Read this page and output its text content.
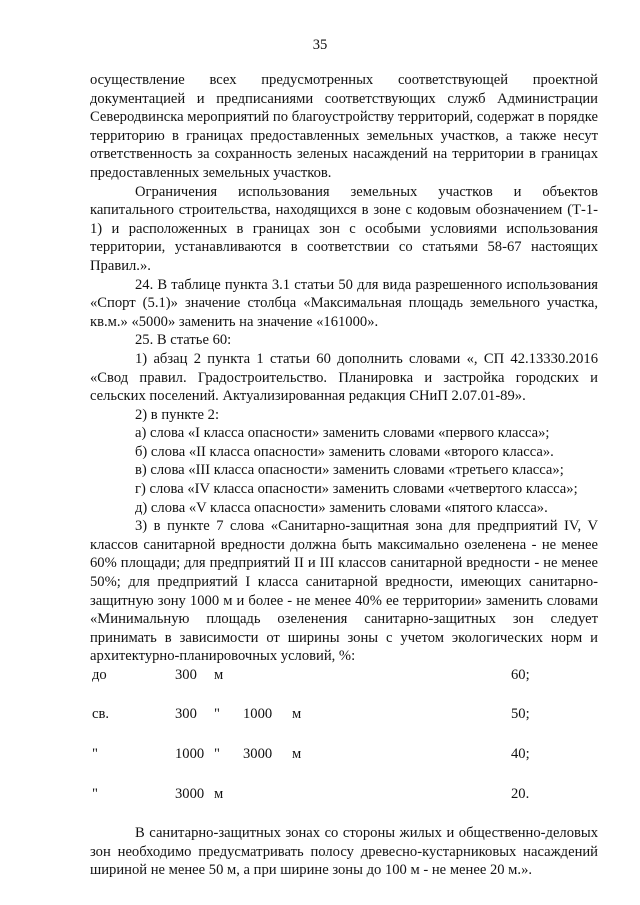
35

осуществление всех предусмотренных соответствующей проектной документацией и предписаниями соответствующих служб Администрации Северодвинска мероприятий по благоустройству территорий, содержат в порядке территорию в границах предоставленных земельных участков, а также несут ответственность за сохранность зеленых насаждений на территории в границах предоставленных земельных участков.

Ограничения использования земельных участков и объектов капитального строительства, находящихся в зоне с кодовым обозначением (Т-1-1) и расположенных в границах зон с особыми условиями использования территории, устанавливаются в соответствии со статьями 58-67 настоящих Правил.».

24. В таблице пункта 3.1 статьи 50 для вида разрешенного использования «Спорт (5.1)» значение столбца «Максимальная площадь земельного участка, кв.м.» «5000» заменить на значение «161000».

25. В статье 60:

1) абзац 2 пункта 1 статьи 60 дополнить словами «, СП 42.13330.2016 «Свод правил. Градостроительство. Планировка и застройка городских и сельских поселений. Актуализированная редакция СНиП 2.07.01-89».

2) в пункте 2:

а) слова «I класса опасности» заменить словами «первого класса»;

б) слова «II класса опасности» заменить словами «второго класса».

в) слова «III класса опасности» заменить словами «третьего класса»;

г) слова «IV класса опасности» заменить словами «четвертого класса»;

д) слова «V класса опасности» заменить словами «пятого класса».

3) в пункте 7 слова «Санитарно-защитная зона для предприятий IV, V классов санитарной вредности должна быть максимально озеленена - не менее 60% площади; для предприятий II и III классов санитарной вредности - не менее 50%; для предприятий I класса санитарной вредности, имеющих санитарно-защитную зону 1000 м и более - не менее 40% ее территории» заменить словами «Минимальную площадь озеленения санитарно-защитных зон следует принимать в зависимости от ширины зоны с учетом экологических норм и архитектурно-планировочных условий, %:

до	300 м	60;
св.	300 " 1000 м	50;
"	1000 " 3000 м	40;
"	3000 м	20.

В санитарно-защитных зонах со стороны жилых и общественно-деловых зон необходимо предусматривать полосу древесно-кустарниковых насаждений шириной не менее 50 м, а при ширине зоны до 100 м - не менее 20 м.».
